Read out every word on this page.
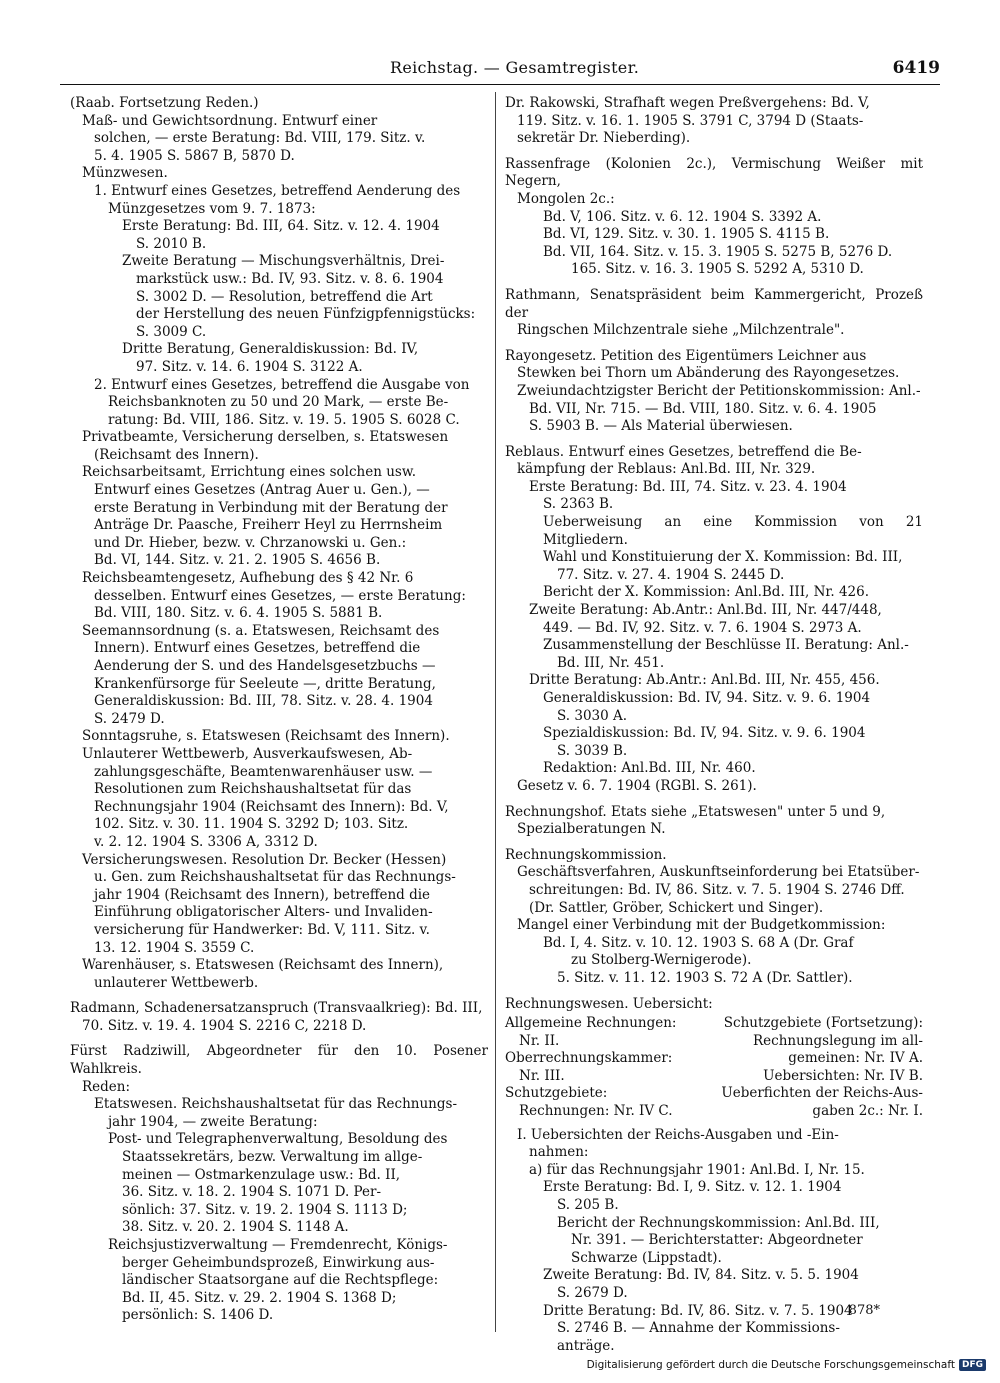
Reichstag. — Gesamtregister.	6419
(Raab. Fortsetzung Reden.)
Maß- und Gewichtsordnung. Entwurf einer
solchen, — erste Beratung: Bd. VIII, 179. Sitz. v.
5. 4. 1905 S. 5867 B, 5870 D.
Münzwesen.
1. Entwurf eines Gesetzes, betreffend Aenderung des
Münzgesetzes vom 9. 7. 1873:
Erste Beratung: Bd. III, 64. Sitz. v. 12. 4. 1904
S. 2010 B.
Zweite Beratung — Mischungsverhältnis, Drei-
markstück usw.: Bd. IV, 93. Sitz. v. 8. 6. 1904
S. 3002 D. — Resolution, betreffend die Art
der Herstellung des neuen Fünfzigpfennigstücks:
S. 3009 C.
Dritte Beratung, Generaldiskussion: Bd. IV,
97. Sitz. v. 14. 6. 1904 S. 3122 A.
2. Entwurf eines Gesetzes, betreffend die Ausgabe von
Reichsbanknoten zu 50 und 20 Mark, — erste Be-
ratung: Bd. VIII, 186. Sitz. v. 19. 5. 1905 S. 6028 C.
Privatbeamte, Versicherung derselben, s. Etatswesen
(Reichsamt des Innern).
Reichsarbeitsamt, Errichtung eines solchen usw.
Entwurf eines Gesetzes (Antrag Auer u. Gen.), —
erste Beratung in Verbindung mit der Beratung der
Anträge Dr. Paasche, Freiherr Heyl zu Herrnsheim
und Dr. Hieber, bezw. v. Chrzanowski u. Gen.:
Bd. VI, 144. Sitz. v. 21. 2. 1905 S. 4656 B.
Reichsbeamtengesetz, Aufhebung des § 42 Nr. 6
desselben. Entwurf eines Gesetzes, — erste Beratung:
Bd. VIII, 180. Sitz. v. 6. 4. 1905 S. 5881 B.
Seemannsordnung (s. a. Etatswesen, Reichsamt des
Innern). Entwurf eines Gesetzes, betreffend die
Aenderung der S. und des Handelsgesetzbuchs —
Krankenfürsorge für Seeleute —, dritte Beratung,
Generaldiskussion: Bd. III, 78. Sitz. v. 28. 4. 1904
S. 2479 D.
Sonntagsruhe, s. Etatswesen (Reichsamt des Innern).
Unlauterer Wettbewerb, Ausverkaufswesen, Ab-
zahlungsgeschäfte, Beamtenwarenhäuser usw. —
Resolutionen zum Reichshaushaltsetat für das
Rechnungsjahr 1904 (Reichsamt des Innern): Bd. V,
102. Sitz. v. 30. 11. 1904 S. 3292 D; 103. Sitz.
v. 2. 12. 1904 S. 3306 A, 3312 D.
Versicherungswesen. Resolution Dr. Becker (Hessen)
u. Gen. zum Reichshaushaltsetat für das Rechnungs-
jahr 1904 (Reichsamt des Innern), betreffend die
Einführung obligatorischer Alters- und Invaliden-
versicherung für Handwerker: Bd. V, 111. Sitz. v.
13. 12. 1904 S. 3559 C.
Warenhäuser, s. Etatswesen (Reichsamt des Innern),
unlauterer Wettbewerb.
Radmann, Schadenersatzanspruch (Transvaalkrieg): Bd. III,
70. Sitz. v. 19. 4. 1904 S. 2216 C, 2218 D.
Fürst Radziwill, Abgeordneter für den 10. Posener Wahlkreis.
Reden:
Etatswesen. Reichshaushaltsetat für das Rechnungs-
jahr 1904, — zweite Beratung:
Post- und Telegraphenverwaltung, Besoldung des
Staatssekretärs, bezw. Verwaltung im allge-
meinen — Ostmarkenzulage usw.: Bd. II,
36. Sitz. v. 18. 2. 1904 S. 1071 D. Per-
sönlich: 37. Sitz. v. 19. 2. 1904 S. 1113 D;
38. Sitz. v. 20. 2. 1904 S. 1148 A.
Reichsjustizverwaltung — Fremdenrecht, Königs-
berger Geheimbundsprozeß, Einwirkung aus-
ländischer Staatsorgane auf die Rechtspflege:
Bd. II, 45. Sitz. v. 29. 2. 1904 S. 1368 D;
persönlich: S. 1406 D.
Dr. Rakowski, Strafhaft wegen Preßvergehens: Bd. V,
119. Sitz. v. 16. 1. 1905 S. 3791 C, 3794 D (Staats-
sekretär Dr. Nieberding).
Rassenfrage (Kolonien 2c.), Vermischung Weißer mit Negern,
Mongolen 2c.:
Bd. V, 106. Sitz. v. 6. 12. 1904 S. 3392 A.
Bd. VI, 129. Sitz. v. 30. 1. 1905 S. 4115 B.
Bd. VII, 164. Sitz. v. 15. 3. 1905 S. 5275 B, 5276 D.
165. Sitz. v. 16. 3. 1905 S. 5292 A, 5310 D.
Rathmann, Senatspräsident beim Kammergericht, Prozeß der
Ringschen Milchzentrale siehe „Milchzentrale".
Rayongesetz. Petition des Eigentümers Leichner aus
Stewken bei Thorn um Abänderung des Rayongesetzes.
Zweiundachtzigster Bericht der Petitionskommission: Anl.-
Bd. VII, Nr. 715. — Bd. VIII, 180. Sitz. v. 6. 4. 1905
S. 5903 B. — Als Material überwiesen.
Reblaus. Entwurf eines Gesetzes, betreffend die Be-
kämpfung der Reblaus: Anl.Bd. III, Nr. 329.
Erste Beratung: Bd. III, 74. Sitz. v. 23. 4. 1904
S. 2363 B.
Ueberweisung an eine Kommission von 21 Mitgliedern.
Wahl und Konstituierung der X. Kommission: Bd. III,
77. Sitz. v. 27. 4. 1904 S. 2445 D.
Bericht der X. Kommission: Anl.Bd. III, Nr. 426.
Zweite Beratung: Ab.Antr.: Anl.Bd. III, Nr. 447/448,
449. — Bd. IV, 92. Sitz. v. 7. 6. 1904 S. 2973 A.
Zusammenstellung der Beschlüsse II. Beratung: Anl.-
Bd. III, Nr. 451.
Dritte Beratung: Ab.Antr.: Anl.Bd. III, Nr. 455, 456.
Generaldiskussion: Bd. IV, 94. Sitz. v. 9. 6. 1904
S. 3030 A.
Spezialdiskussion: Bd. IV, 94. Sitz. v. 9. 6. 1904
S. 3039 B.
Redaktion: Anl.Bd. III, Nr. 460.
Gesetz v. 6. 7. 1904 (RGBl. S. 261).
Rechnungshof. Etats siehe „Etatswesen" unter 5 und 9,
Spezialberatungen N.
Rechnungskommission.
Geschäftsverfahren, Auskunftseinforderung bei Etatsüber-
schreitungen: Bd. IV, 86. Sitz. v. 7. 5. 1904 S. 2746 Dff.
(Dr. Sattler, Gröber, Schickert und Singer).
Mangel einer Verbindung mit der Budgetkommission:
Bd. I, 4. Sitz. v. 10. 12. 1903 S. 68 A (Dr. Graf
zu Stolberg-Wernigerode).
5. Sitz. v. 11. 12. 1903 S. 72 A (Dr. Sattler).
Rechnungswesen. Uebersicht:
Allgemeine Rechnungen:	Schutzgebiete (Fortsetzung):
Nr. II.	Rechnungslegung im all-
Oberrechnungskammer:	gemeinen: Nr. IV A.
Nr. III.	Uebersichten: Nr. IV B.
Schutzgebiete:	Ueberfichten der Reichs-Aus-
Rechnungen: Nr. IV C.	gaben 2c.: Nr. I.
I. Uebersichten der Reichs-Ausgaben und -Ein-
nahmen:
a) für das Rechnungsjahr 1901: Anl.Bd. I, Nr. 15.
Erste Beratung: Bd. I, 9. Sitz. v. 12. 1. 1904
S. 205 B.
Bericht der Rechnungskommission: Anl.Bd. III,
Nr. 391. — Berichterstatter: Abgeordneter
Schwarze (Lippstadt).
Zweite Beratung: Bd. IV, 84. Sitz. v. 5. 5. 1904
S. 2679 D.
Dritte Beratung: Bd. IV, 86. Sitz. v. 7. 5. 1904
S. 2746 B. — Annahme der Kommissions-
anträge.
878*
Digitalisierung gefördert durch die Deutsche Forschungsgemeinschaft DFG
